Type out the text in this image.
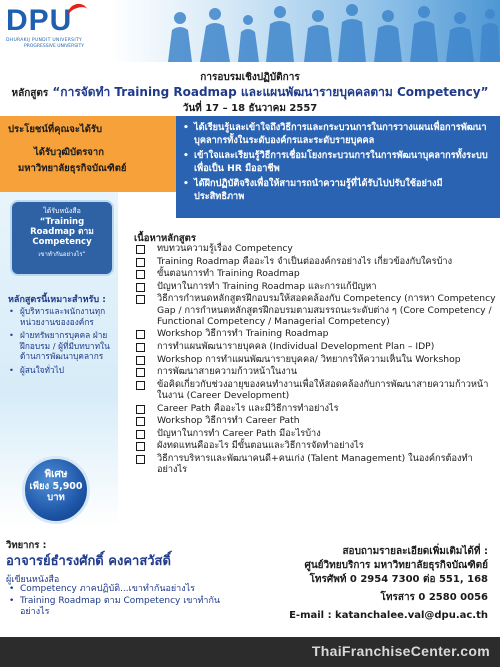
DPU
DHURAKIJ PUNDIT UNIVERSITY
PROGRESSIVE UNIVERSITY
การอบรมเชิงปฏิบัติการ
หลักสูตร “การจัดทำ Training Roadmap และแผนพัฒนารายบุคคลตาม Competency”
วันที่ 17 – 18 ธันวาคม 2557
ประโยชน์ที่คุณจะได้รับ
ได้รับวุฒิบัตรจาก
มหาวิทยาลัยธุรกิจบัณฑิตย์
• ได้เรียนรู้และเข้าใจถึงวิธีการและกระบวนการในการวางแผนเพื่อการพัฒนาบุคลากรทั้งในระดับองค์กรและระดับรายบุคคล
• เข้าใจและเรียนรู้วิธีการเชื่อมโยงกระบวนการในการพัฒนาบุคลากรทั้งระบบเพื่อเป็น HR มืออาชีพ
• ได้ฝึกปฏิบัติจริงเพื่อให้สามารถนำความรู้ที่ได้รับไปปรับใช้อย่างมีประสิทธิภาพ
ได้รับหนังสือ
“Training
Roadmap ตาม
Competency
เขาทำกันอย่างไร”
หลักสูตรนี้เหมาะสำหรับ :
• ผู้บริหารและพนักงานทุกหน่วยงานขององค์กร
• ฝ่ายทรัพยากรบุคคล ฝ่ายฝึกอบรม / ผู้ที่มีบทบาทในด้านการพัฒนาบุคลากร
• ผู้สนใจทั่วไป
พิเศษ
เพียง 5,900
บาท
เนื้อหาหลักสูตร
ทบทวนความรู้เรื่อง Competency
Training Roadmap คืออะไร จำเป็นต่อองค์กรอย่างไร เกี่ยวข้องกับใครบ้าง
ขั้นตอนการทำ Training Roadmap
ปัญหาในการทำ Training Roadmap และการแก้ปัญหา
วิธีการกำหนดหลักสูตรฝึกอบรมให้สอดคล้องกับ Competency (การหา Competency Gap / การกำหนดหลักสูตรฝึกอบรมตามสมรรถนะระดับต่าง ๆ (Core Competency / Functional Competency / Managerial Competency)
Workshop วิธีการทำ Training Roadmap
การทำแผนพัฒนารายบุคคล (Individual Development Plan – IDP)
Workshop การทำแผนพัฒนารายบุคคล/ วิทยากรให้ความเห็นใน Workshop
การพัฒนาสายความก้าวหน้าในงาน
ข้อคิดเกี่ยวกับช่วงอายุของคนทำงานเพื่อให้สอดคล้องกับการพัฒนาสายความก้าวหน้าในงาน (Career Development)
Career Path คืออะไร และมีวิธีการทำอย่างไร
Workshop วิธีการทำ Career Path
ปัญหาในการทำ Career Path มีอะไรบ้าง
ผังทดแทนคืออะไร มีขั้นตอนและวิธีการจัดทำอย่างไร
วิธีการบริหารและพัฒนาคนดี+คนเก่ง (Talent Management) ในองค์กรต้องทำอย่างไร
วิทยากร :
อาจารย์ธำรงศักดิ์ คงคาสวัสดิ์
ผู้เขียนหนังสือ
• Competency ภาคปฏิบัติ...เขาทำกันอย่างไร
• Training Roadmap ตาม Competency เขาทำกันอย่างไร
สอบถามรายละเอียดเพิ่มเติมได้ที่ :
ศูนย์วิทยบริการ มหาวิทยาลัยธุรกิจบัณฑิตย์
โทรศัพท์ 0 2954 7300 ต่อ 551, 168
โทรสาร 0 2580 0056
E-mail : katanchalee.val@dpu.ac.th
ThaiFranchiseCenter.com
